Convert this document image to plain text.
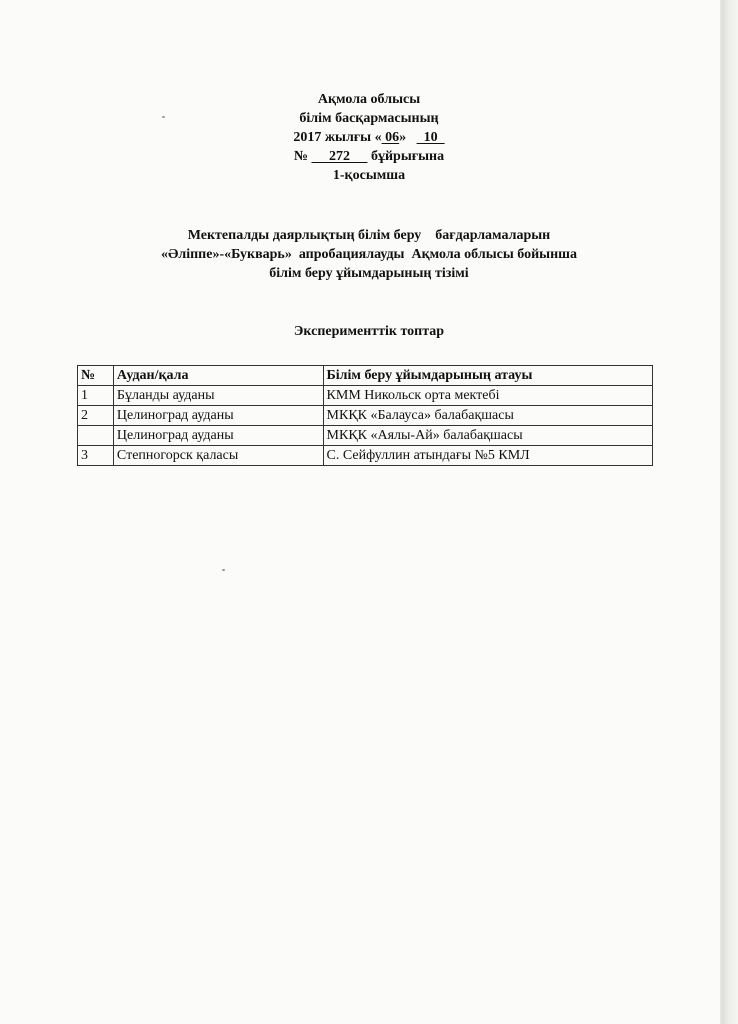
Ақмола облысы
білім басқармасының
2017 жылғы « 06»     10
№      272      бұйрығына
1-қосымша
Мектепалды даярлықтың білім беру    бағдарламаларын
«Әліппе»-«Букварь»  апробациялауды  Ақмола облысы бойынша
білім беру ұйымдарының тізімі
Эксперименттік топтар
№	Аудан/қала	Білім беру ұйымдарының атауы
1	Бұланды ауданы	КММ Никольск орта мектебі
2	Целиноград ауданы	МКҚК «Балауса» балабақшасы
	Целиноград ауданы	МКҚК «Аялы-Ай» балабақшасы
3	Степногорск қаласы	С. Сейфуллин атындағы №5 КМЛ
